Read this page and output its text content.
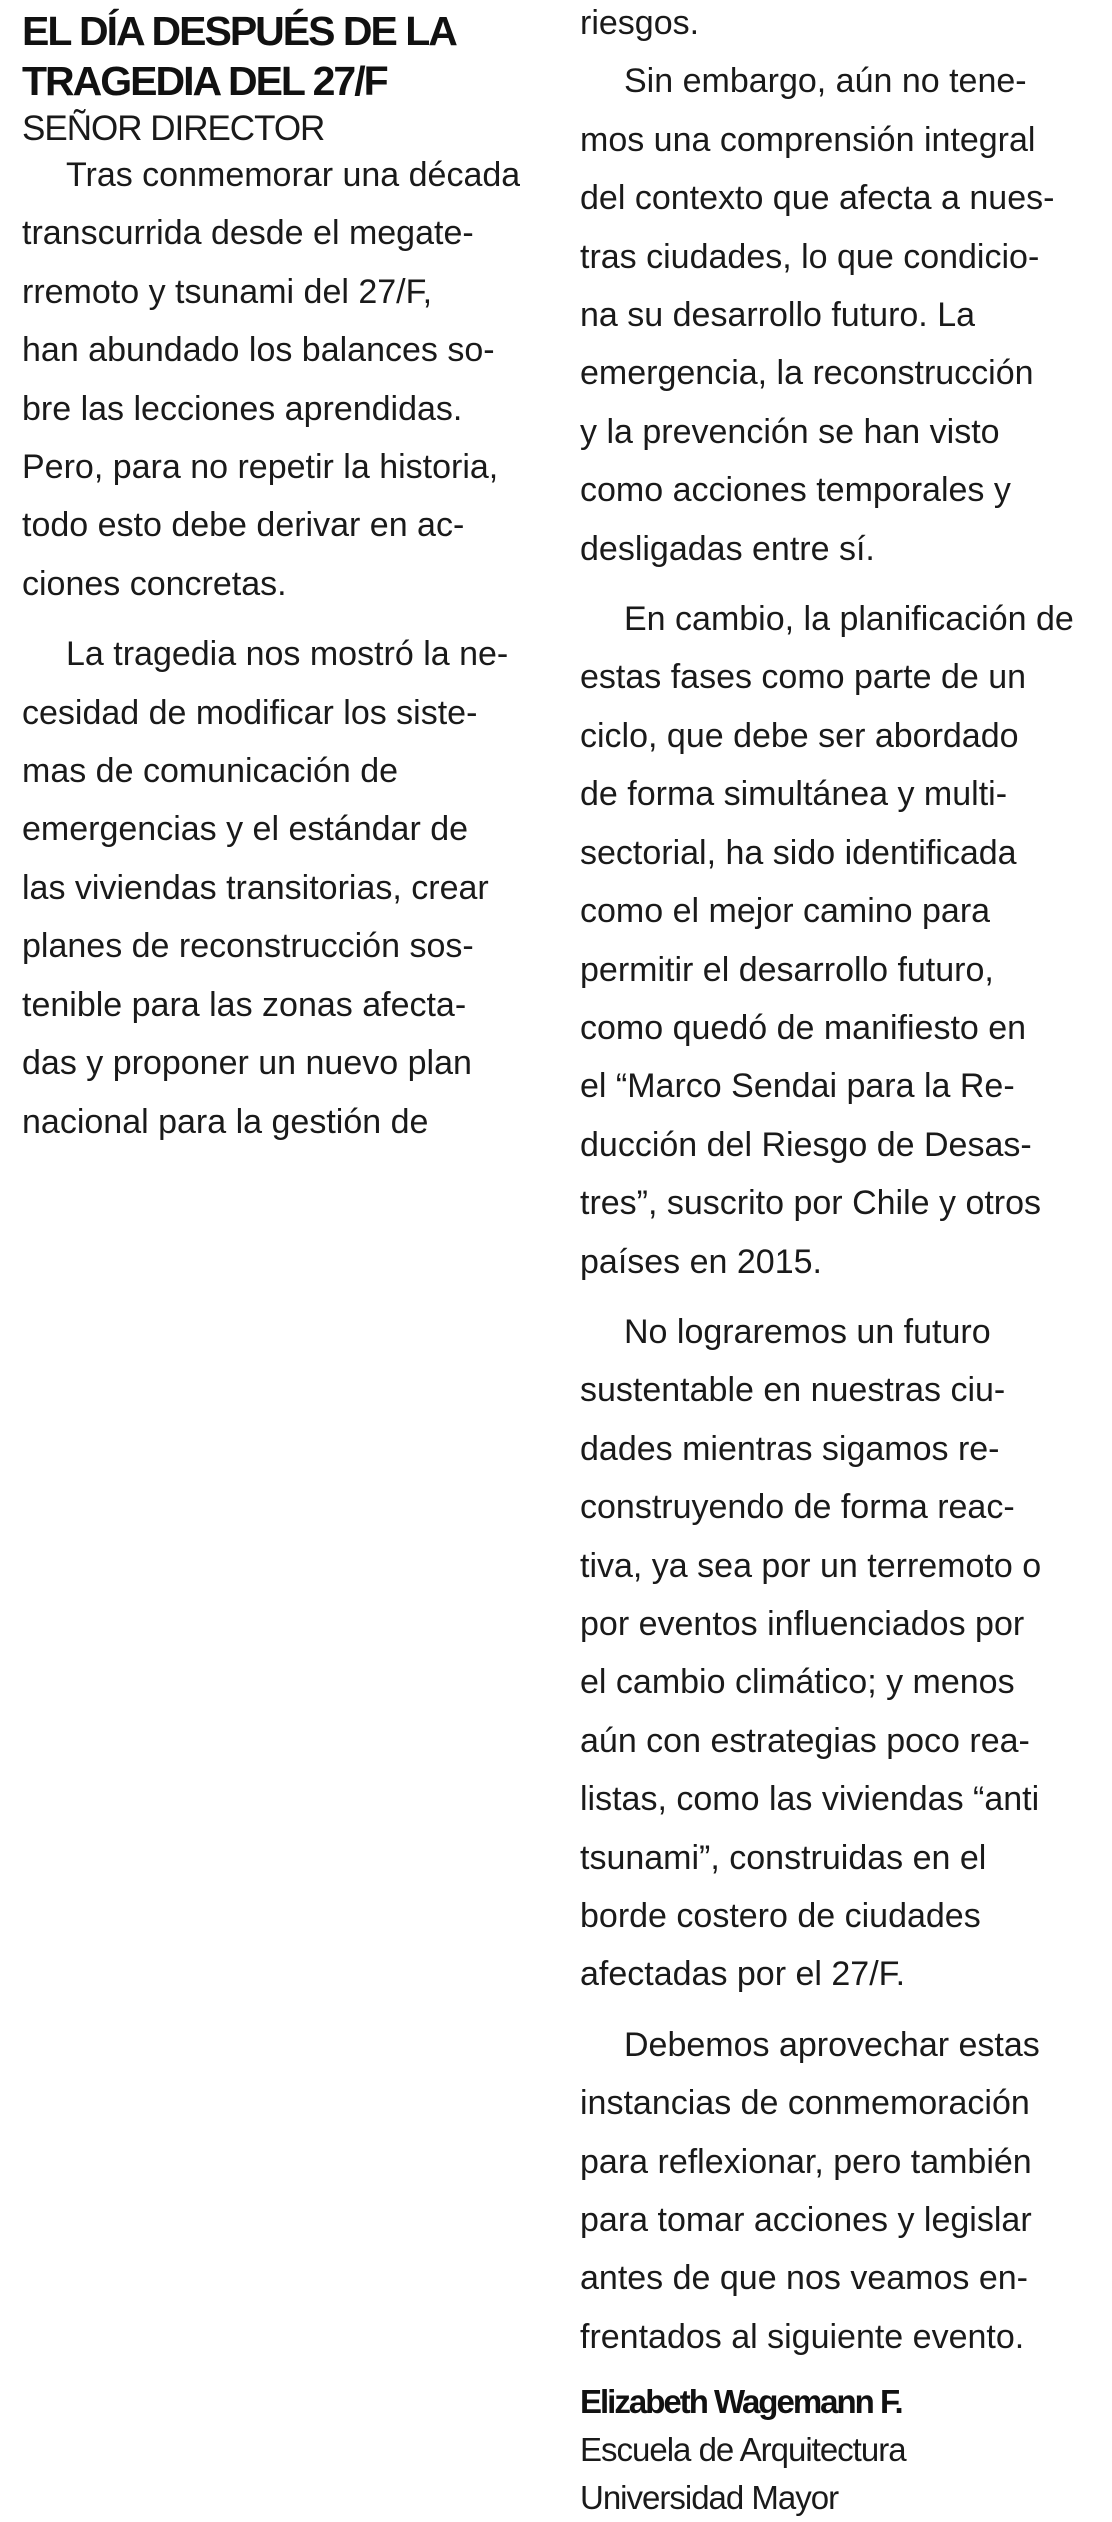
EL DÍA DESPUÉS DE LA
TRAGEDIA DEL 27/F

SEÑOR DIRECTOR

Tras conmemorar una década
transcurrida desde el megate-
rremoto y tsunami del 27/F,
han abundado los balances so-
bre las lecciones aprendidas.
Pero, para no repetir la historia,
todo esto debe derivar en ac-
ciones concretas.

La tragedia nos mostró la ne-
cesidad de modificar los siste-
mas de comunicación de
emergencias y el estándar de
las viviendas transitorias, crear
planes de reconstrucción sos-
tenible para las zonas afecta-
das y proponer un nuevo plan
nacional para la gestión de

riesgos.

Sin embargo, aún no tene-
mos una comprensión integral
del contexto que afecta a nues-
tras ciudades, lo que condicio-
na su desarrollo futuro. La
emergencia, la reconstrucción
y la prevención se han visto
como acciones temporales y
desligadas entre sí.

En cambio, la planificación de
estas fases como parte de un
ciclo, que debe ser abordado
de forma simultánea y multi-
sectorial, ha sido identificada
como el mejor camino para
permitir el desarrollo futuro,
como quedó de manifiesto en
el “Marco Sendai para la Re-
ducción del Riesgo de Desas-
tres”, suscrito por Chile y otros
países en 2015.

No lograremos un futuro
sustentable en nuestras ciu-
dades mientras sigamos re-
construyendo de forma reac-
tiva, ya sea por un terremoto o
por eventos influenciados por
el cambio climático; y menos
aún con estrategias poco rea-
listas, como las viviendas “anti
tsunami”, construidas en el
borde costero de ciudades
afectadas por el 27/F.

Debemos aprovechar estas
instancias de conmemoración
para reflexionar, pero también
para tomar acciones y legislar
antes de que nos veamos en-
frentados al siguiente evento.

Elizabeth Wagemann F.

Escuela de Arquitectura

Universidad Mayor
